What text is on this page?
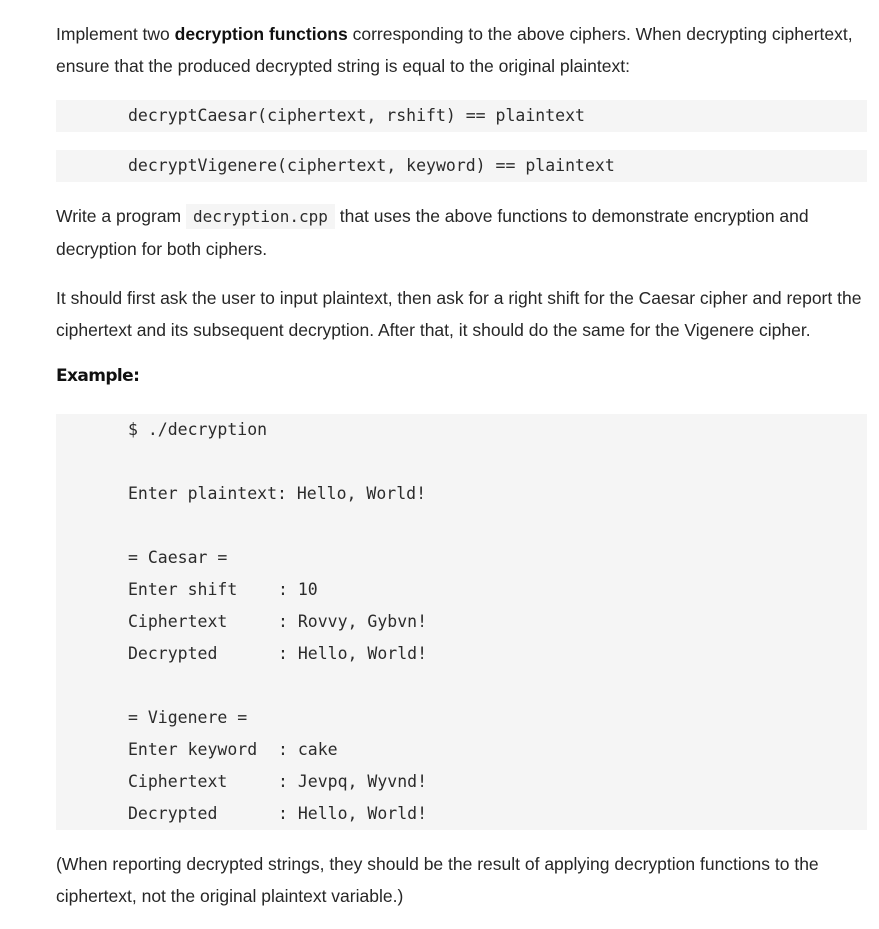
Implement two decryption functions corresponding to the above ciphers. When decrypting ciphertext, ensure that the produced decrypted string is equal to the original plaintext:

decryptCaesar(ciphertext, rshift) == plaintext
decryptVigenere(ciphertext, keyword) == plaintext

Write a program decryption.cpp that uses the above functions to demonstrate encryption and decryption for both ciphers.

It should first ask the user to input plaintext, then ask for a right shift for the Caesar cipher and report the ciphertext and its subsequent decryption. After that, it should do the same for the Vigenere cipher.

Example:
$ ./decryption
Enter plaintext: Hello, World!
= Caesar =
Enter shift : 10
Ciphertext	: Rovvy, Gybvn!
Decrypted	: Hello, World!
= Vigenere =
Enter keyword : cake
Ciphertext	: Jevpq, Wyvnd!
Decrypted	: Hello, World!

(When reporting decrypted strings, they should be the result of applying decryption functions to the ciphertext, not the original plaintext variable.)
